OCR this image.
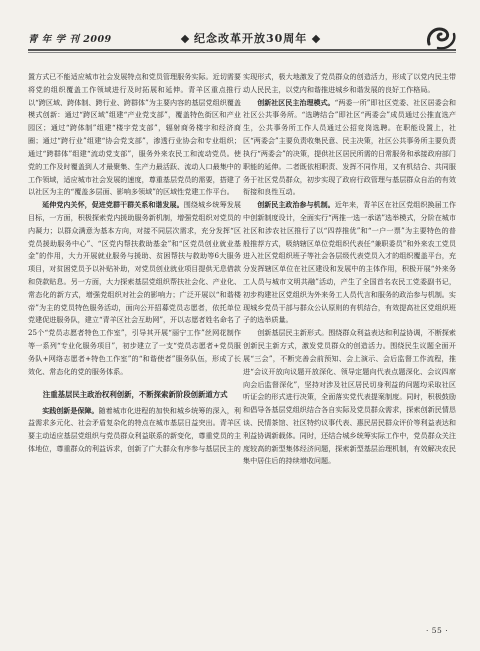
青 年 学 刊 2009	纪念改革开放30周年

置方式已不能适应城市社会发展特点和党员管理服务实际。近切需要将党的组织覆盖工作领域进行及时拓展和延伸。青羊区重点推行以“跨区域、跨体制、跨行业、跨群体”为主要内容的基层党组织覆盖模式创新：通过“跨区域”组建“产业党支部”，覆盖特色街区和产业园区；通过“跨体制”组建“楼宇党支部”，辐射商务楼宇和经济商圈；通过“跨行业”组建“协会党支部”，渗透行业协会和专业组织；通过“跨群体”组建“流动党支部”，服务外来农民工和流动党员。使党的工作及时覆盖到人才最聚集、生产力最活跃、流动人口最集中的工作领域，适应城市社会发展的速度，尊重基层党员的需要，搭建了以社区为主的“覆盖多层面、影响多领域”的区域性党建工作平台。

延伸党内关怀，促进党群干群关系和谐发展。围绕城乡统筹发展目标，一方面，积极探索党内援助服务新机制，增强党组织对党员的内凝力；以群众满意为基本方向，对接不同层次需求，充分发挥“区党员援助服务中心”、“区党内帮扶救助基金”和“区党员创业就业基金”的作用，大力开展就业服务与援助、贫困帮扶与救助等6大服务项目，对贫困党员予以补贴补助，对党员创业就业项目提供无息借款和贷款贴息。另一方面，大力探索基层党组织帮扶社会化、产业化、常态化的新方式，增强党组织对社会的影响力；广泛开展以“和谐楼帝”为主的党员特色服务活动，面向公开招募党员志愿者，依托单位党建促进服务队，建立“青羊区社会互助网”，开以志愿者姓名命名了25个“党员志愿者特色工作室”，引导其开展“丽宁工作”丝网花制作等一系列“专业化服务项目”，初步建立了一支“党员志愿者+党员服务队+网络志愿者+特色工作室”的“和谐使者”服务队伍，形成了长效化、常态化的党的服务体系。

注重基层民主政治权利创新，不断探索新阶段创新道方式

实践创新是保障。随着城市化进程的加快和城乡统筹的深入，利益需求多元化、社会矛盾复杂化的特点在城市基层日益突出。青羊区要主动适应基层党组织与党员群众利益联系的新变化，尊重党员的主体地位，尊重群众的利益诉求，创新了广大群众有序参与基层民主的

实现形式，极大地激发了党员群众的创造活力，形成了以党内民主带动人民民主，以党内和谐推进城乡和谐发展的良好工作格局。

创新社区民主治理模式。“两委一所”即社区党委、社区居委会和社区公共事务所。“选聘结合”即社区“两委会”成员通过公推直选产生，公共事务所工作人员通过公招竞岗选聘。在职能设置上，社区“两委会”主要负责收集民意、民主决策，社区公共事务所主要负责执行“两委会”的决策，提供社区居民所需的日常服务和承接政府部门职能的延伸。二者既依相职责、发挥不同作用，又有机结合、共同服务于社区党员群众，初步实现了政府行政管理与基层群众自治的有效衔接和良性互动。

创新民主政治参与机制。近年来，青羊区在社区党组织换届工作中创新制度设计，全面实行“两推一选一承诺”选举模式，分阶在城市社区和涉农社区推行了以“四荐推优”和“一户一票”为主要特色的普般推荐方式，吸纳辖区单位党组织代表任“兼职委员”和外来农工党员进入社区党组织班子等社会各层级代表党员入才的组织覆盖平台，充分发挥辖区单位在社区建设和发展中的主体作用，积极开展“外来务工人员与城市文明共融”活动，产生了全国首名农民工党委副书记，初步构建社区党组织为外来务工人员代言和服务的政治参与机制。实现城乡党员干部与群众公认原则的有机结合，有效提高社区党组织班子的选举质量。

创新基层民主新形式。围绕群众利益表达和利益协调，不断探索创新民主新方式，激发党员群众的创造活力。围绕民生议题全面开展“三会”，不断完善会前预知、会上演示、会后监督工作流程，推进“会议开放向议题开放深化、领导定题向代表点题深化、会议四席向会后监督深化”，坚持对涉及社区居民切身利益的问题均采取社区听证会的形式进行决策，全面落实党代表提案制度。同时，积极鼓励和倡导各基层党组织结合各自实际及党员群众需求，探索创新民情恳谈、民情茶馆、社区特约议事代表、惠民居民群众评价等利益表达和利益协调新载体。同时，还结合城乡统筹实际工作中，党员群众关注度较高的新型集体经济问题，探索新型基层治理机制，有效解决农民集中居住后的持续增收问题。

· 55 ·
